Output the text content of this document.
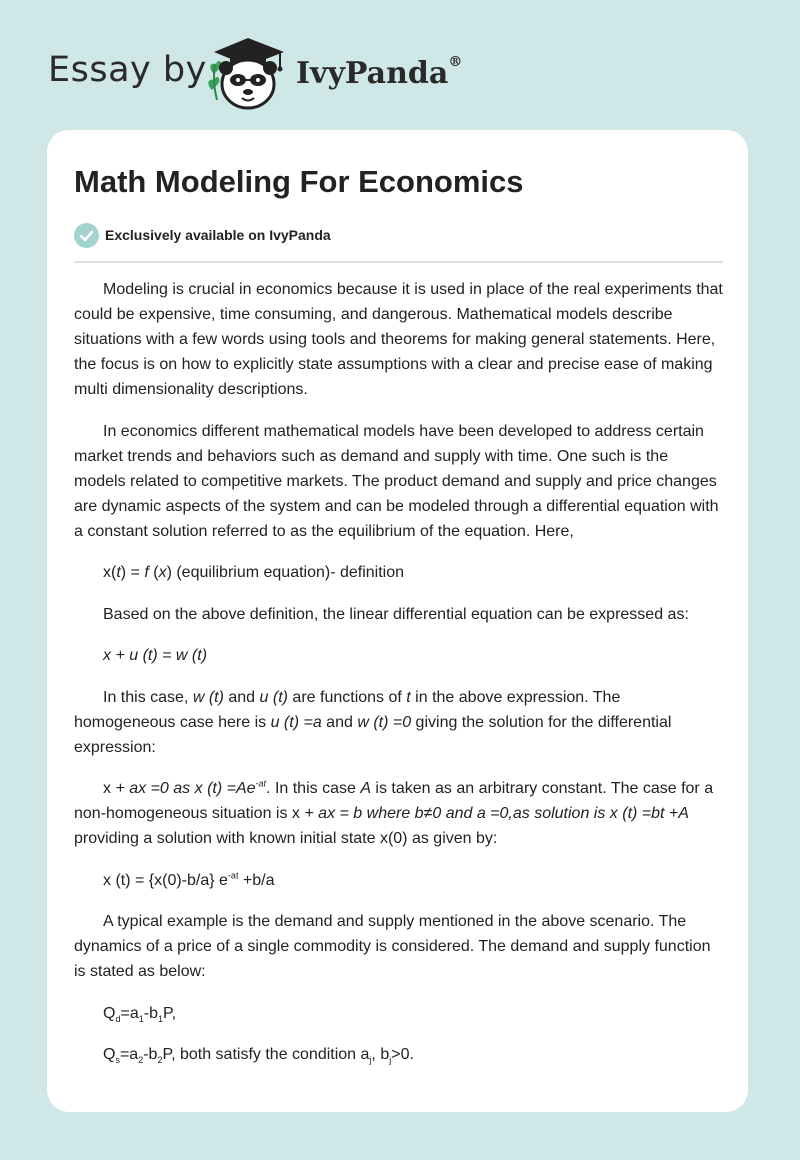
Essay by	IvyPanda®
Math Modeling For Economics
Exclusively available on IvyPanda

Modeling is crucial in economics because it is used in place of the real experiments that could be expensive, time consuming, and dangerous. Mathematical models describe situations with a few words using tools and theorems for making general statements. Here, the focus is on how to explicitly state assumptions with a clear and precise ease of making multi dimensionality descriptions.

In economics different mathematical models have been developed to address certain market trends and behaviors such as demand and supply with time. One such is the models related to competitive markets. The product demand and supply and price changes are dynamic aspects of the system and can be modeled through a differential equation with a constant solution referred to as the equilibrium of the equation. Here,

x(t) = f (x) (equilibrium equation)- definition

Based on the above definition, the linear differential equation can be expressed as:

x + u (t) = w (t)

In this case, w (t) and u (t) are functions of t in the above expression. The homogeneous case here is u (t) =a and w (t) =0 giving the solution for the differential expression:

x + ax =0 as x $(t) =Ae^{-at}$. In this case A is taken as an arbitrary constant. The case for a non-homogeneous situation is x + ax = b where b≠0 and a =0,as solution is x (t) =bt +A providing a solution with known initial state x(0) as given by:

x (t) = {x(0)-b/a} $e^{-at} +b/a$

A typical example is the demand and supply mentioned in the above scenario. The dynamics of a price of a single commodity is considered. The demand and supply function is stated as below:

$Q_d=a_1-b_1P$,

$Q_s=a_2-b_2P$, both satisfy the condition $a_j$, $b_j>0$.
